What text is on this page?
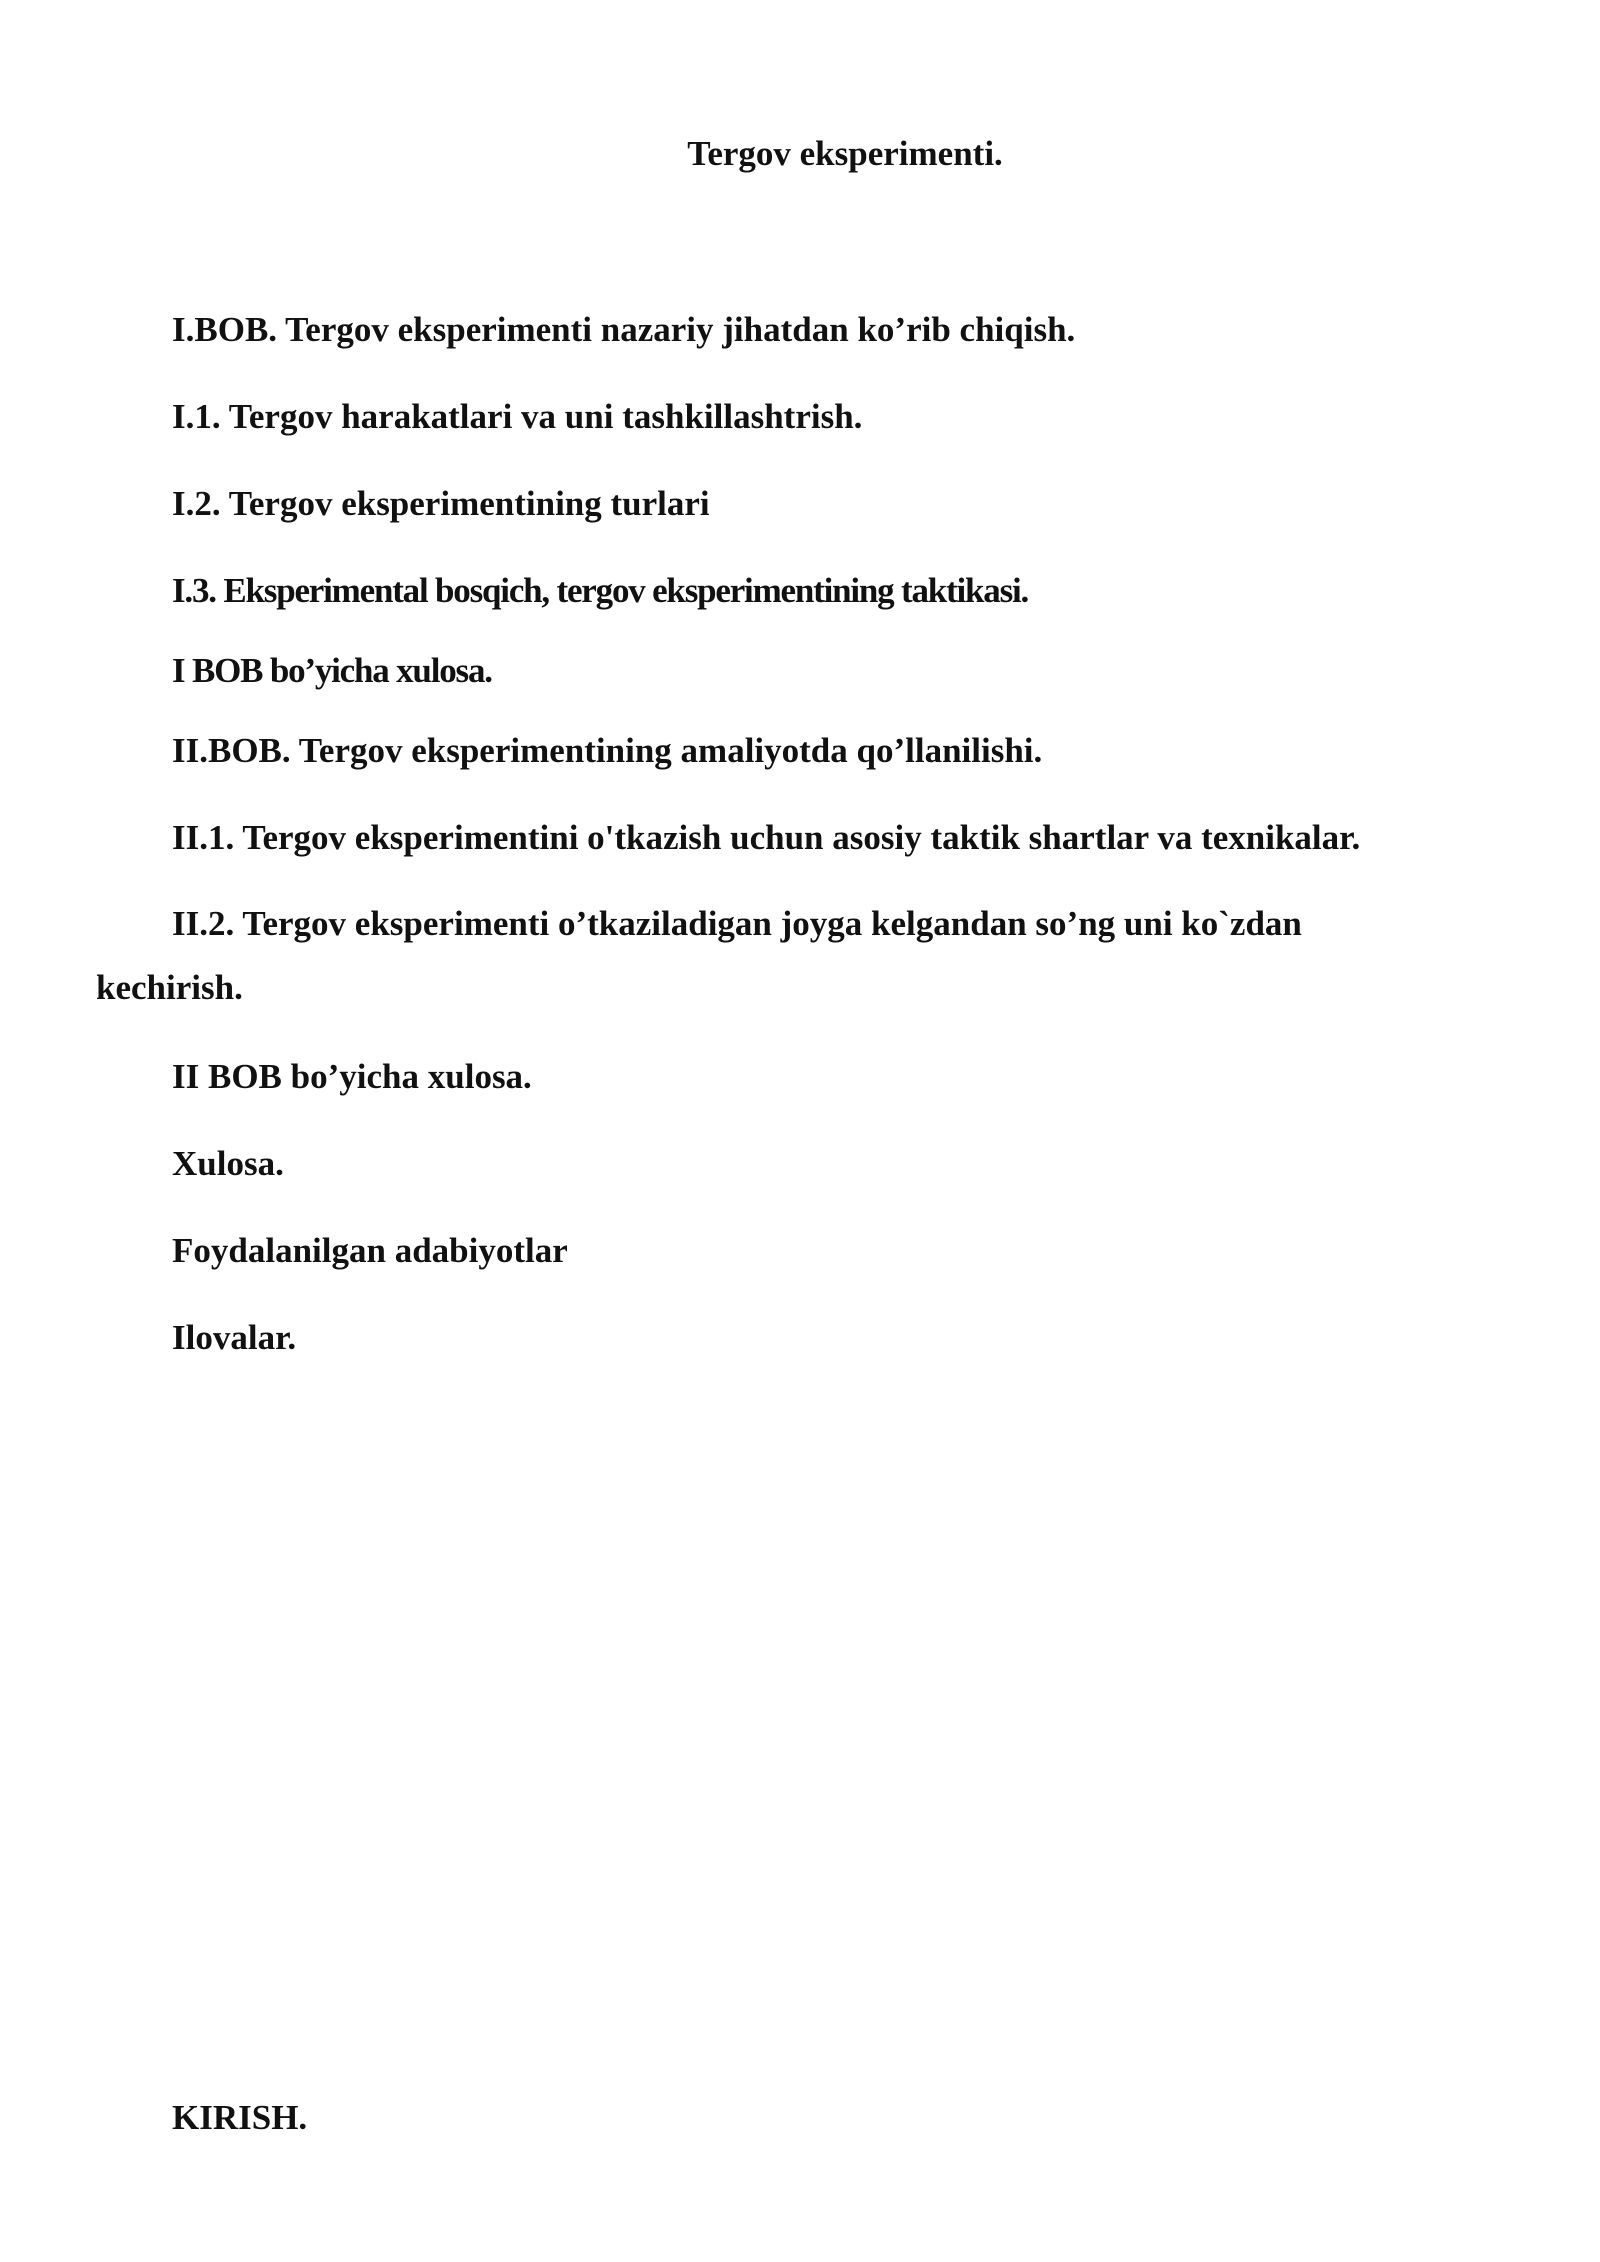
Tergov eksperimenti.
I.BOB. Tergov eksperimenti nazariy jihatdan ko’rib chiqish.
I.1. Tergov harakatlari va uni tashkillashtrish.
I.2. Tergov eksperimentining turlari
I.3. Eksperimental bosqich, tergov eksperimentining taktikasi.
I BOB bo’yicha xulosa.
II.BOB. Tergov eksperimentining amaliyotda qo’llanilishi.
II.1. Tergov eksperimentini o'tkazish uchun asosiy taktik shartlar va texnikalar.
II.2. Tergov eksperimenti o’tkaziladigan joyga kelgandan so’ng uni ko`zdan kechirish.
II BOB bo’yicha xulosa.
Xulosa.
Foydalanilgan adabiyotlar
Ilovalar.
KIRISH.
